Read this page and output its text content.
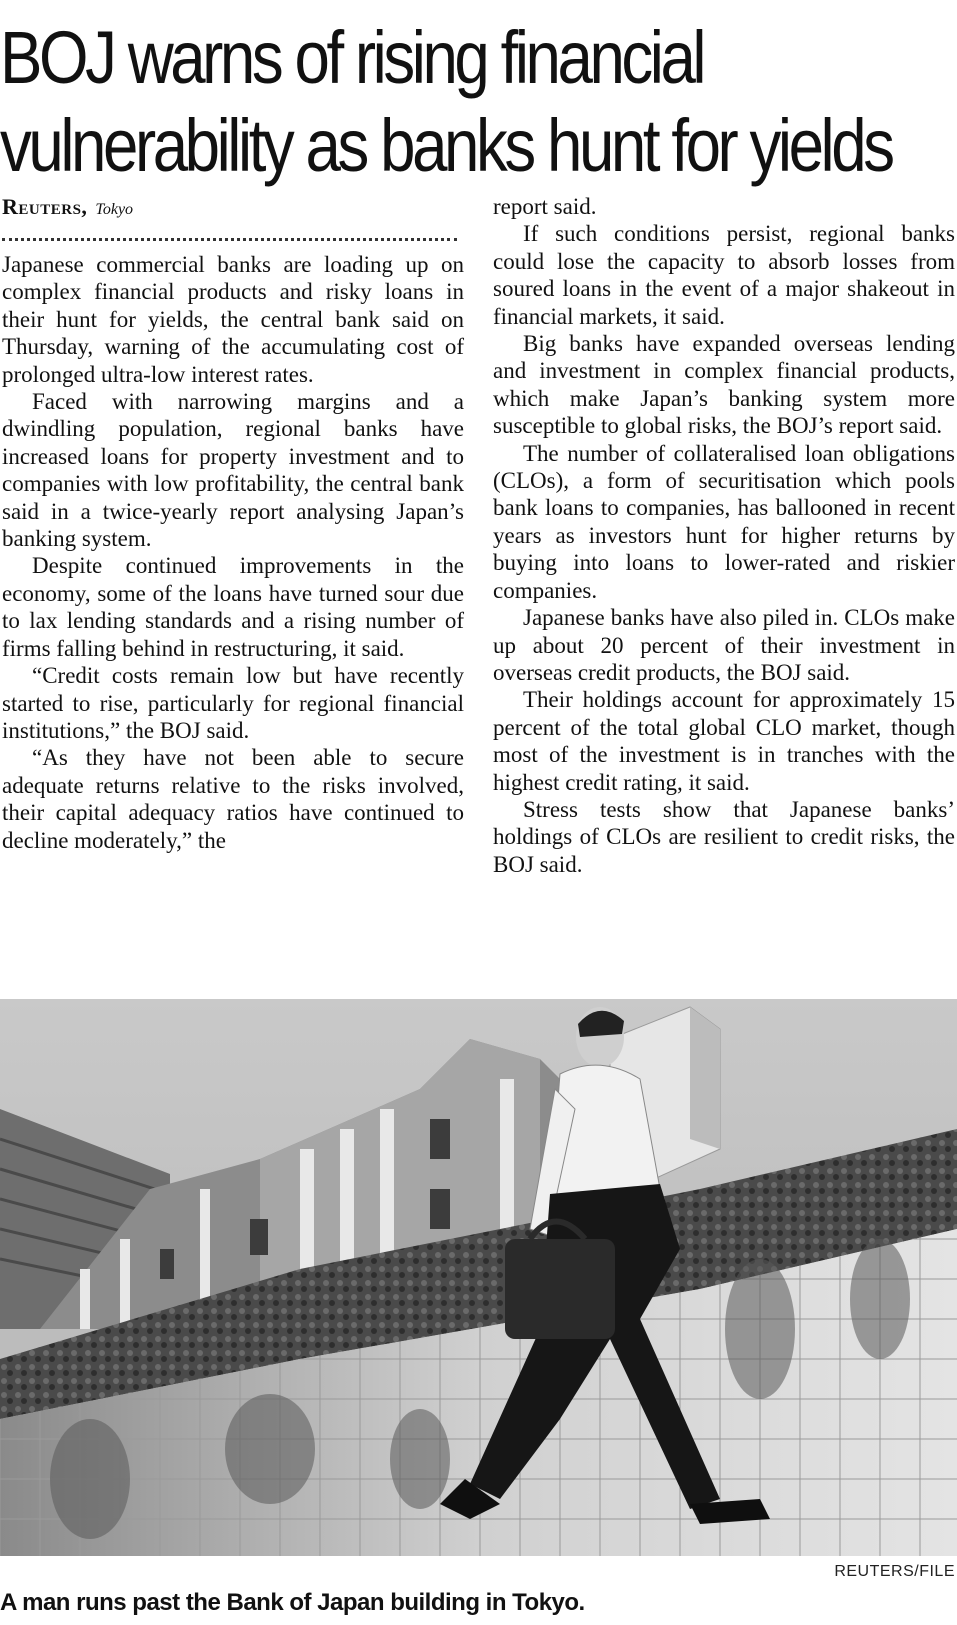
BOJ warns of rising financial
vulnerability as banks hunt for yields
Reuters, Tokyo

Japanese commercial banks are loading up on complex financial products and risky loans in their hunt for yields, the central bank said on Thursday, warning of the accumulating cost of prolonged ultra-low interest rates.

Faced with narrowing margins and a dwindling population, regional banks have increased loans for property investment and to companies with low profitability, the central bank said in a twice-yearly report analysing Japan’s banking system.

Despite continued improvements in the economy, some of the loans have turned sour due to lax lending standards and a rising number of firms falling behind in restructuring, it said.

“Credit costs remain low but have recently started to rise, particularly for regional financial institutions,” the BOJ said.

“As they have not been able to secure adequate returns relative to the risks involved, their capital adequacy ratios have continued to decline moderately,” the

report said.

If such conditions persist, regional banks could lose the capacity to absorb losses from soured loans in the event of a major shakeout in financial markets, it said.

Big banks have expanded overseas lending and investment in complex financial products, which make Japan’s banking system more susceptible to global risks, the BOJ’s report said.

The number of collateralised loan obligations (CLOs), a form of securitisation which pools bank loans to companies, has ballooned in recent years as investors hunt for higher returns by buying into loans to lower-rated and riskier companies.

Japanese banks have also piled in. CLOs make up about 20 percent of their investment in overseas credit products, the BOJ said.

Their holdings account for approximately 15 percent of the total global CLO market, though most of the investment is in tranches with the highest credit rating, it said.

Stress tests show that Japanese banks’ holdings of CLOs are resilient to credit risks, the BOJ said.

REUTERS/FILE
A man runs past the Bank of Japan building in Tokyo.
